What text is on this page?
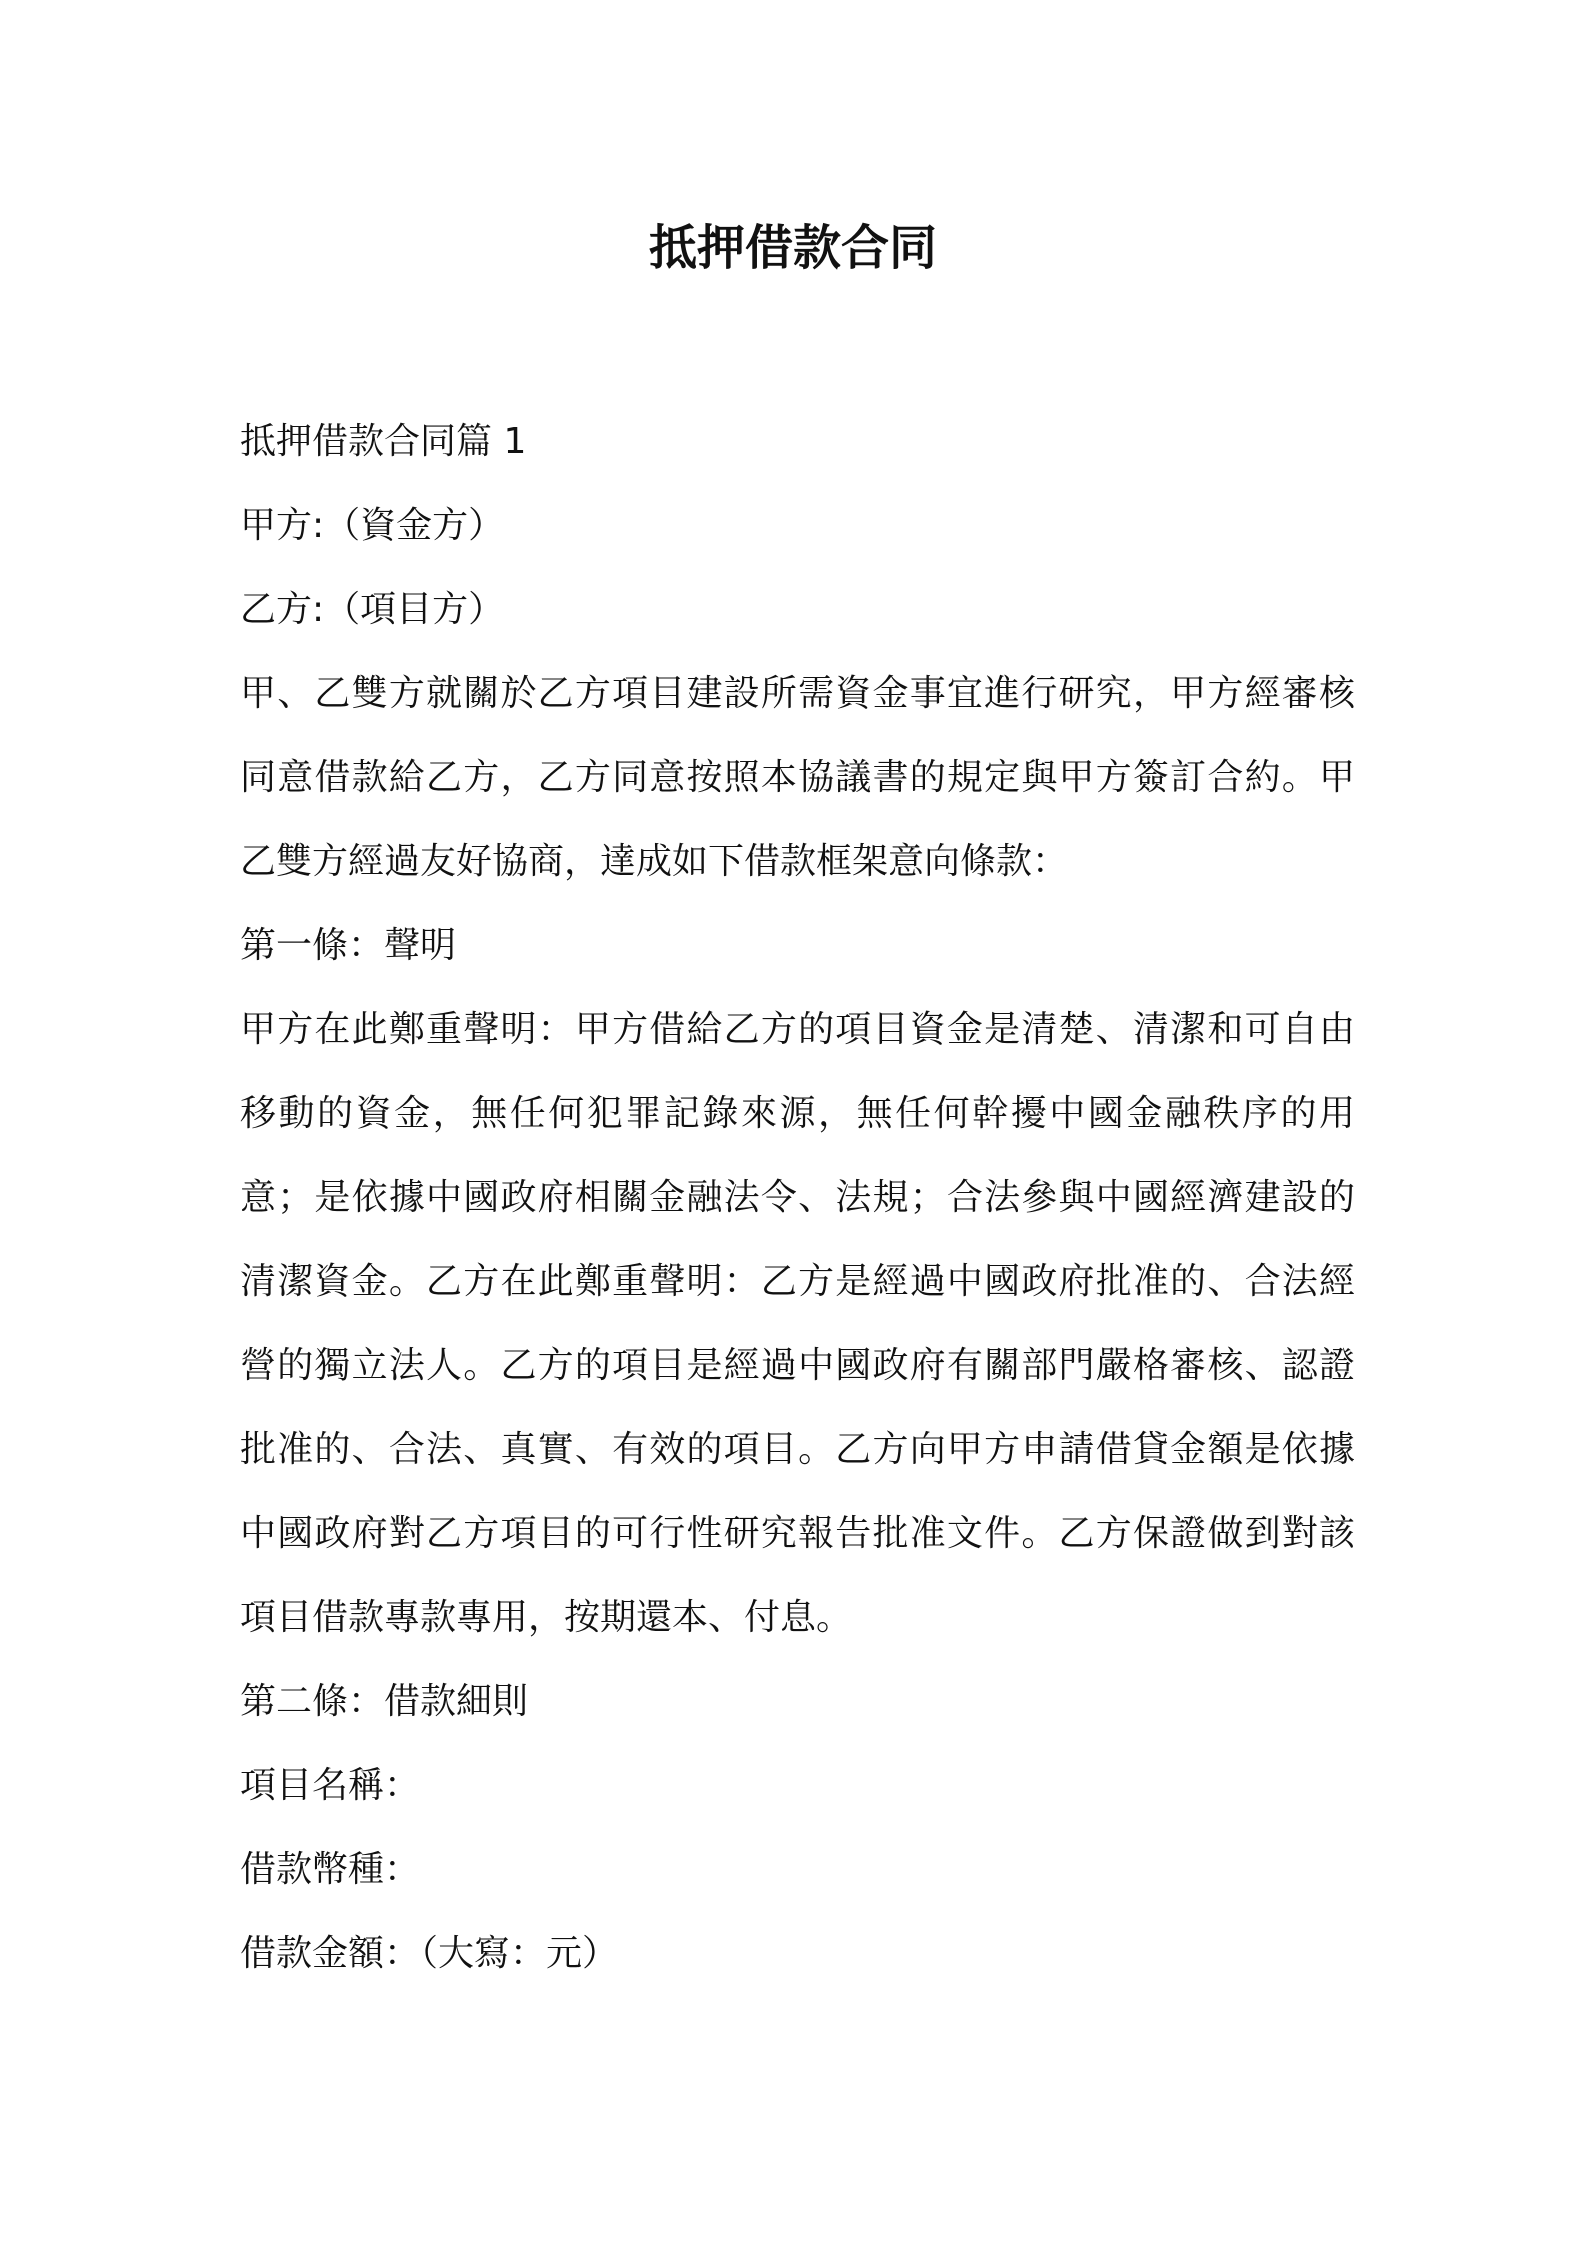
抵押借款合同

抵押借款合同篇 1

甲方:（資金方）

乙方:（項目方）

甲、乙雙方就關於乙方項目建設所需資金事宜進行研究，甲方經審核同意借款給乙方，乙方同意按照本協議書的規定與甲方簽訂合約。甲乙雙方經過友好協商，達成如下借款框架意向條款：

第一條：聲明

甲方在此鄭重聲明：甲方借給乙方的項目資金是清楚、清潔和可自由移動的資金，無任何犯罪記錄來源，無任何幹擾中國金融秩序的用意；是依據中國政府相關金融法令、法規；合法參與中國經濟建設的清潔資金。乙方在此鄭重聲明：乙方是經過中國政府批准的、合法經營的獨立法人。乙方的項目是經過中國政府有關部門嚴格審核、認證批准的、合法、真實、有效的項目。乙方向甲方申請借貸金額是依據中國政府對乙方項目的可行性研究報告批准文件。乙方保證做到對該項目借款專款專用，按期還本、付息。

第二條：借款細則

項目名稱：

借款幣種：

借款金額：（大寫：元）
